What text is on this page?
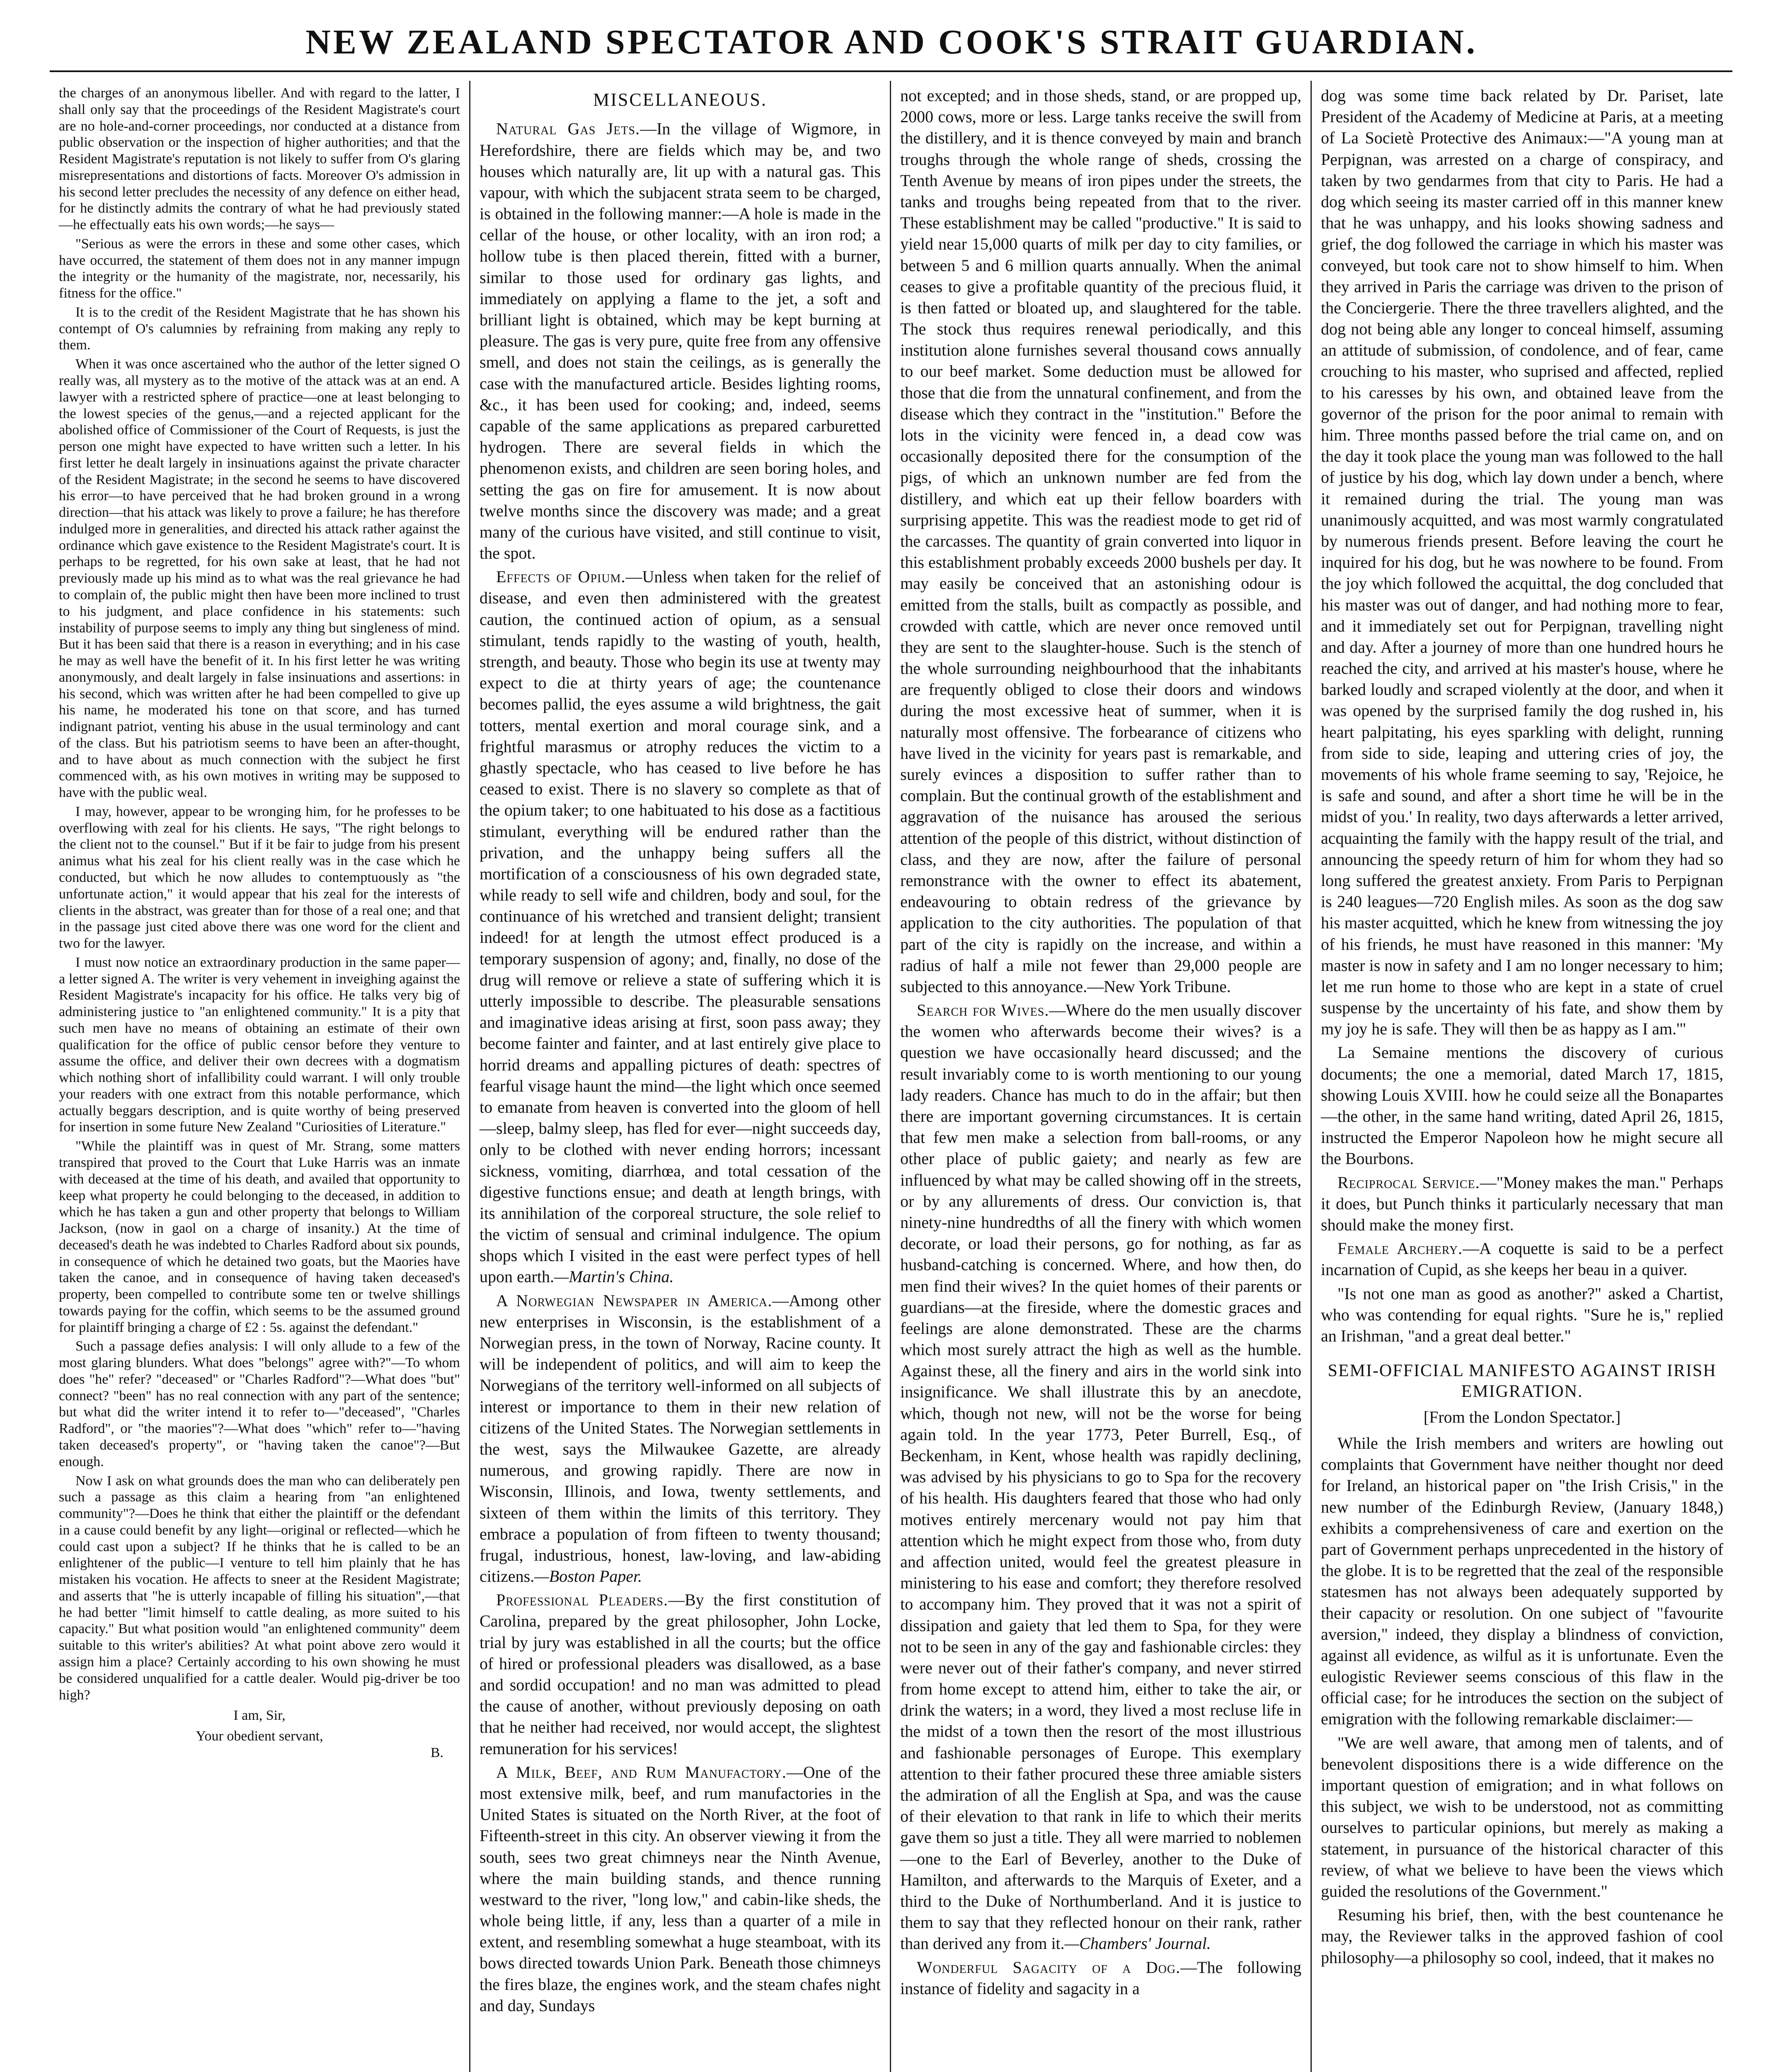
NEW ZEALAND SPECTATOR AND COOK'S STRAIT GUARDIAN.

the charges of an anonymous libeller. And with regard to the latter, I shall only say that the proceedings of the Resident Magistrate's court are no hole-and-corner proceedings, nor conducted at a distance from public observation or the inspection of higher authorities; and that the Resident Magistrate's reputation is not likely to suffer from O's glaring misrepresentations and distortions of facts. Moreover O's admission in his second letter precludes the necessity of any defence on either head, for he distinctly admits the contrary of what he had previously stated—he effectually eats his own words;—he says—

"Serious as were the errors in these and some other cases, which have occurred, the statement of them does not in any manner impugn the integrity or the humanity of the magistrate, nor, necessarily, his fitness for the office."

It is to the credit of the Resident Magistrate that he has shown his contempt of O's calumnies by refraining from making any reply to them.

When it was once ascertained who the author of the letter signed O really was, all mystery as to the motive of the attack was at an end. A lawyer with a restricted sphere of practice—one at least belonging to the lowest species of the genus,—and a rejected applicant for the abolished office of Commissioner of the Court of Requests, is just the person one might have expected to have written such a letter. In his first letter he dealt largely in insinuations against the private character of the Resident Magistrate; in the second he seems to have discovered his error—to have perceived that he had broken ground in a wrong direction—that his attack was likely to prove a failure; he has therefore indulged more in generalities, and directed his attack rather against the ordinance which gave existence to the Resident Magistrate's court. It is perhaps to be regretted, for his own sake at least, that he had not previously made up his mind as to what was the real grievance he had to complain of, the public might then have been more inclined to trust to his judgment, and place confidence in his statements: such instability of purpose seems to imply any thing but singleness of mind. But it has been said that there is a reason in everything; and in his case he may as well have the benefit of it. In his first letter he was writing anonymously, and dealt largely in false insinuations and assertions: in his second, which was written after he had been compelled to give up his name, he moderated his tone on that score, and has turned indignant patriot, venting his abuse in the usual terminology and cant of the class. But his patriotism seems to have been an after-thought, and to have about as much connection with the subject he first commenced with, as his own motives in writing may be supposed to have with the public weal.

I may, however, appear to be wronging him, for he professes to be overflowing with zeal for his clients. He says, "The right belongs to the client not to the counsel." But if it be fair to judge from his present animus what his zeal for his client really was in the case which he conducted, but which he now alludes to contemptuously as "the unfortunate action," it would appear that his zeal for the interests of clients in the abstract, was greater than for those of a real one; and that in the passage just cited above there was one word for the client and two for the lawyer.

I must now notice an extraordinary production in the same paper—a letter signed A. The writer is very vehement in inveighing against the Resident Magistrate's incapacity for his office. He talks very big of administering justice to "an enlightened community." It is a pity that such men have no means of obtaining an estimate of their own qualification for the office of public censor before they venture to assume the office, and deliver their own decrees with a dogmatism which nothing short of infallibility could warrant. I will only trouble your readers with one extract from this notable performance, which actually beggars description, and is quite worthy of being preserved for insertion in some future New Zealand "Curiosities of Literature."

"While the plaintiff was in quest of Mr. Strang, some matters transpired that proved to the Court that Luke Harris was an inmate with deceased at the time of his death, and availed that opportunity to keep what property he could belonging to the deceased, in addition to which he has taken a gun and other property that belongs to William Jackson, (now in gaol on a charge of insanity.) At the time of deceased's death he was indebted to Charles Radford about six pounds, in consequence of which he detained two goats, but the Maories have taken the canoe, and in consequence of having taken deceased's property, been compelled to contribute some ten or twelve shillings towards paying for the coffin, which seems to be the assumed ground for plaintiff bringing a charge of £2 : 5s. against the defendant."

Such a passage defies analysis: I will only allude to a few of the most glaring blunders. What does "belongs" agree with?"—To whom does "he" refer? "deceased" or "Charles Radford"?—What does "but" connect? "been" has no real connection with any part of the sentence; but what did the writer intend it to refer to—"deceased", "Charles Radford", or "the maories"?—What does "which" refer to—"having taken deceased's property", or "having taken the canoe"?—But enough.

Now I ask on what grounds does the man who can deliberately pen such a passage as this claim a hearing from "an enlightened community"?—Does he think that either the plaintiff or the defendant in a cause could benefit by any light—original or reflected—which he could cast upon a subject? If he thinks that he is called to be an enlightener of the public—I venture to tell him plainly that he has mistaken his vocation. He affects to sneer at the Resident Magistrate; and asserts that "he is utterly incapable of filling his situation",—that he had better "limit himself to cattle dealing, as more suited to his capacity." But what position would "an enlightened community" deem suitable to this writer's abilities? At what point above zero would it assign him a place? Certainly according to his own showing he must be considered unqualified for a cattle dealer. Would pig-driver be too high?

I am, Sir,

Your obedient servant,

B.

MISCELLANEOUS.

Natural Gas Jets.—In the village of Wigmore, in Herefordshire, there are fields which may be, and two houses which naturally are, lit up with a natural gas. This vapour, with which the subjacent strata seem to be charged, is obtained in the following manner:—A hole is made in the cellar of the house, or other locality, with an iron rod; a hollow tube is then placed therein, fitted with a burner, similar to those used for ordinary gas lights, and immediately on applying a flame to the jet, a soft and brilliant light is obtained, which may be kept burning at pleasure. The gas is very pure, quite free from any offensive smell, and does not stain the ceilings, as is generally the case with the manufactured article. Besides lighting rooms, &c., it has been used for cooking; and, indeed, seems capable of the same applications as prepared carburetted hydrogen. There are several fields in which the phenomenon exists, and children are seen boring holes, and setting the gas on fire for amusement. It is now about twelve months since the discovery was made; and a great many of the curious have visited, and still continue to visit, the spot.

Effects of Opium.—Unless when taken for the relief of disease, and even then administered with the greatest caution, the continued action of opium, as a sensual stimulant, tends rapidly to the wasting of youth, health, strength, and beauty. Those who begin its use at twenty may expect to die at thirty years of age; the countenance becomes pallid, the eyes assume a wild brightness, the gait totters, mental exertion and moral courage sink, and a frightful marasmus or atrophy reduces the victim to a ghastly spectacle, who has ceased to live before he has ceased to exist. There is no slavery so complete as that of the opium taker; to one habituated to his dose as a factitious stimulant, everything will be endured rather than the privation, and the unhappy being suffers all the mortification of a consciousness of his own degraded state, while ready to sell wife and children, body and soul, for the continuance of his wretched and transient delight; transient indeed! for at length the utmost effect produced is a temporary suspension of agony; and, finally, no dose of the drug will remove or relieve a state of suffering which it is utterly impossible to describe. The pleasurable sensations and imaginative ideas arising at first, soon pass away; they become fainter and fainter, and at last entirely give place to horrid dreams and appalling pictures of death: spectres of fearful visage haunt the mind—the light which once seemed to emanate from heaven is converted into the gloom of hell—sleep, balmy sleep, has fled for ever—night succeeds day, only to be clothed with never ending horrors; incessant sickness, vomiting, diarrhœa, and total cessation of the digestive functions ensue; and death at length brings, with its annihilation of the corporeal structure, the sole relief to the victim of sensual and criminal indulgence. The opium shops which I visited in the east were perfect types of hell upon earth.—Martin's China.

A Norwegian Newspaper in America.—Among other new enterprises in Wisconsin, is the establishment of a Norwegian press, in the town of Norway, Racine county. It will be independent of politics, and will aim to keep the Norwegians of the territory well-informed on all subjects of interest or importance to them in their new relation of citizens of the United States. The Norwegian settlements in the west, says the Milwaukee Gazette, are already numerous, and growing rapidly. There are now in Wisconsin, Illinois, and Iowa, twenty settlements, and sixteen of them within the limits of this territory. They embrace a population of from fifteen to twenty thousand; frugal, industrious, honest, law-loving, and law-abiding citizens.—Boston Paper.

Professional Pleaders.—By the first constitution of Carolina, prepared by the great philosopher, John Locke, trial by jury was established in all the courts; but the office of hired or professional pleaders was disallowed, as a base and sordid occupation! and no man was admitted to plead the cause of another, without previously deposing on oath that he neither had received, nor would accept, the slightest remuneration for his services!

A Milk, Beef, and Rum Manufactory.—One of the most extensive milk, beef, and rum manufactories in the United States is situated on the North River, at the foot of Fifteenth-street in this city. An observer viewing it from the south, sees two great chimneys near the Ninth Avenue, where the main building stands, and thence running westward to the river, "long low," and cabin-like sheds, the whole being little, if any, less than a quarter of a mile in extent, and resembling somewhat a huge steamboat, with its bows directed towards Union Park. Beneath those chimneys the fires blaze, the engines work, and the steam chafes night and day, Sundays

not excepted; and in those sheds, stand, or are propped up, 2000 cows, more or less. Large tanks receive the swill from the distillery, and it is thence conveyed by main and branch troughs through the whole range of sheds, crossing the Tenth Avenue by means of iron pipes under the streets, the tanks and troughs being repeated from that to the river. These establishment may be called "productive." It is said to yield near 15,000 quarts of milk per day to city families, or between 5 and 6 million quarts annually. When the animal ceases to give a profitable quantity of the precious fluid, it is then fatted or bloated up, and slaughtered for the table. The stock thus requires renewal periodically, and this institution alone furnishes several thousand cows annually to our beef market. Some deduction must be allowed for those that die from the unnatural confinement, and from the disease which they contract in the "institution." Before the lots in the vicinity were fenced in, a dead cow was occasionally deposited there for the consumption of the pigs, of which an unknown number are fed from the distillery, and which eat up their fellow boarders with surprising appetite. This was the readiest mode to get rid of the carcasses. The quantity of grain converted into liquor in this establishment probably exceeds 2000 bushels per day. It may easily be conceived that an astonishing odour is emitted from the stalls, built as compactly as possible, and crowded with cattle, which are never once removed until they are sent to the slaughter-house. Such is the stench of the whole surrounding neighbourhood that the inhabitants are frequently obliged to close their doors and windows during the most excessive heat of summer, when it is naturally most offensive. The forbearance of citizens who have lived in the vicinity for years past is remarkable, and surely evinces a disposition to suffer rather than to complain. But the continual growth of the establishment and aggravation of the nuisance has aroused the serious attention of the people of this district, without distinction of class, and they are now, after the failure of personal remonstrance with the owner to effect its abatement, endeavouring to obtain redress of the grievance by application to the city authorities. The population of that part of the city is rapidly on the increase, and within a radius of half a mile not fewer than 29,000 people are subjected to this annoyance.—New York Tribune.

Search for Wives.—Where do the men usually discover the women who afterwards become their wives? is a question we have occasionally heard discussed; and the result invariably come to is worth mentioning to our young lady readers. Chance has much to do in the affair; but then there are important governing circumstances. It is certain that few men make a selection from ball-rooms, or any other place of public gaiety; and nearly as few are influenced by what may be called showing off in the streets, or by any allurements of dress. Our conviction is, that ninety-nine hundredths of all the finery with which women decorate, or load their persons, go for nothing, as far as husband-catching is concerned. Where, and how then, do men find their wives? In the quiet homes of their parents or guardians—at the fireside, where the domestic graces and feelings are alone demonstrated. These are the charms which most surely attract the high as well as the humble. Against these, all the finery and airs in the world sink into insignificance. We shall illustrate this by an anecdote, which, though not new, will not be the worse for being again told. In the year 1773, Peter Burrell, Esq., of Beckenham, in Kent, whose health was rapidly declining, was advised by his physicians to go to Spa for the recovery of his health. His daughters feared that those who had only motives entirely mercenary would not pay him that attention which he might expect from those who, from duty and affection united, would feel the greatest pleasure in ministering to his ease and comfort; they therefore resolved to accompany him. They proved that it was not a spirit of dissipation and gaiety that led them to Spa, for they were not to be seen in any of the gay and fashionable circles: they were never out of their father's company, and never stirred from home except to attend him, either to take the air, or drink the waters; in a word, they lived a most recluse life in the midst of a town then the resort of the most illustrious and fashionable personages of Europe. This exemplary attention to their father procured these three amiable sisters the admiration of all the English at Spa, and was the cause of their elevation to that rank in life to which their merits gave them so just a title. They all were married to noblemen—one to the Earl of Beverley, another to the Duke of Hamilton, and afterwards to the Marquis of Exeter, and a third to the Duke of Northumberland. And it is justice to them to say that they reflected honour on their rank, rather than derived any from it.—Chambers' Journal.

Wonderful Sagacity of a Dog.—The following instance of fidelity and sagacity in a

dog was some time back related by Dr. Pariset, late President of the Academy of Medicine at Paris, at a meeting of La Societè Protective des Animaux:—"A young man at Perpignan, was arrested on a charge of conspiracy, and taken by two gendarmes from that city to Paris. He had a dog which seeing its master carried off in this manner knew that he was unhappy, and his looks showing sadness and grief, the dog followed the carriage in which his master was conveyed, but took care not to show himself to him. When they arrived in Paris the carriage was driven to the prison of the Conciergerie. There the three travellers alighted, and the dog not being able any longer to conceal himself, assuming an attitude of submission, of condolence, and of fear, came crouching to his master, who suprised and affected, replied to his caresses by his own, and obtained leave from the governor of the prison for the poor animal to remain with him. Three months passed before the trial came on, and on the day it took place the young man was followed to the hall of justice by his dog, which lay down under a bench, where it remained during the trial. The young man was unanimously acquitted, and was most warmly congratulated by numerous friends present. Before leaving the court he inquired for his dog, but he was nowhere to be found. From the joy which followed the acquittal, the dog concluded that his master was out of danger, and had nothing more to fear, and it immediately set out for Perpignan, travelling night and day. After a journey of more than one hundred hours he reached the city, and arrived at his master's house, where he barked loudly and scraped violently at the door, and when it was opened by the surprised family the dog rushed in, his heart palpitating, his eyes sparkling with delight, running from side to side, leaping and uttering cries of joy, the movements of his whole frame seeming to say, 'Rejoice, he is safe and sound, and after a short time he will be in the midst of you.' In reality, two days afterwards a letter arrived, acquainting the family with the happy result of the trial, and announcing the speedy return of him for whom they had so long suffered the greatest anxiety. From Paris to Perpignan is 240 leagues—720 English miles. As soon as the dog saw his master acquitted, which he knew from witnessing the joy of his friends, he must have reasoned in this manner: 'My master is now in safety and I am no longer necessary to him; let me run home to those who are kept in a state of cruel suspense by the uncertainty of his fate, and show them by my joy he is safe. They will then be as happy as I am.'"

La Semaine mentions the discovery of curious documents; the one a memorial, dated March 17, 1815, showing Louis XVIII. how he could seize all the Bonapartes—the other, in the same hand writing, dated April 26, 1815, instructed the Emperor Napoleon how he might secure all the Bourbons.

Reciprocal Service.—"Money makes the man." Perhaps it does, but Punch thinks it particularly necessary that man should make the money first.

Female Archery.—A coquette is said to be a perfect incarnation of Cupid, as she keeps her beau in a quiver.

"Is not one man as good as another?" asked a Chartist, who was contending for equal rights. "Sure he is," replied an Irishman, "and a great deal better."

SEMI-OFFICIAL MANIFESTO AGAINST IRISH EMIGRATION.

[From the London Spectator.]

While the Irish members and writers are howling out complaints that Government have neither thought nor deed for Ireland, an historical paper on "the Irish Crisis," in the new number of the Edinburgh Review, (January 1848,) exhibits a comprehensiveness of care and exertion on the part of Government perhaps unprecedented in the history of the globe. It is to be regretted that the zeal of the responsible statesmen has not always been adequately supported by their capacity or resolution. On one subject of "favourite aversion," indeed, they display a blindness of conviction, against all evidence, as wilful as it is unfortunate. Even the eulogistic Reviewer seems conscious of this flaw in the official case; for he introduces the section on the subject of emigration with the following remarkable disclaimer:—

"We are well aware, that among men of talents, and of benevolent dispositions there is a wide difference on the important question of emigration; and in what follows on this subject, we wish to be understood, not as committing ourselves to particular opinions, but merely as making a statement, in pursuance of the historical character of this review, of what we believe to have been the views which guided the resolutions of the Government."

Resuming his brief, then, with the best countenance he may, the Reviewer talks in the approved fashion of cool philosophy—a philosophy so cool, indeed, that it makes no
